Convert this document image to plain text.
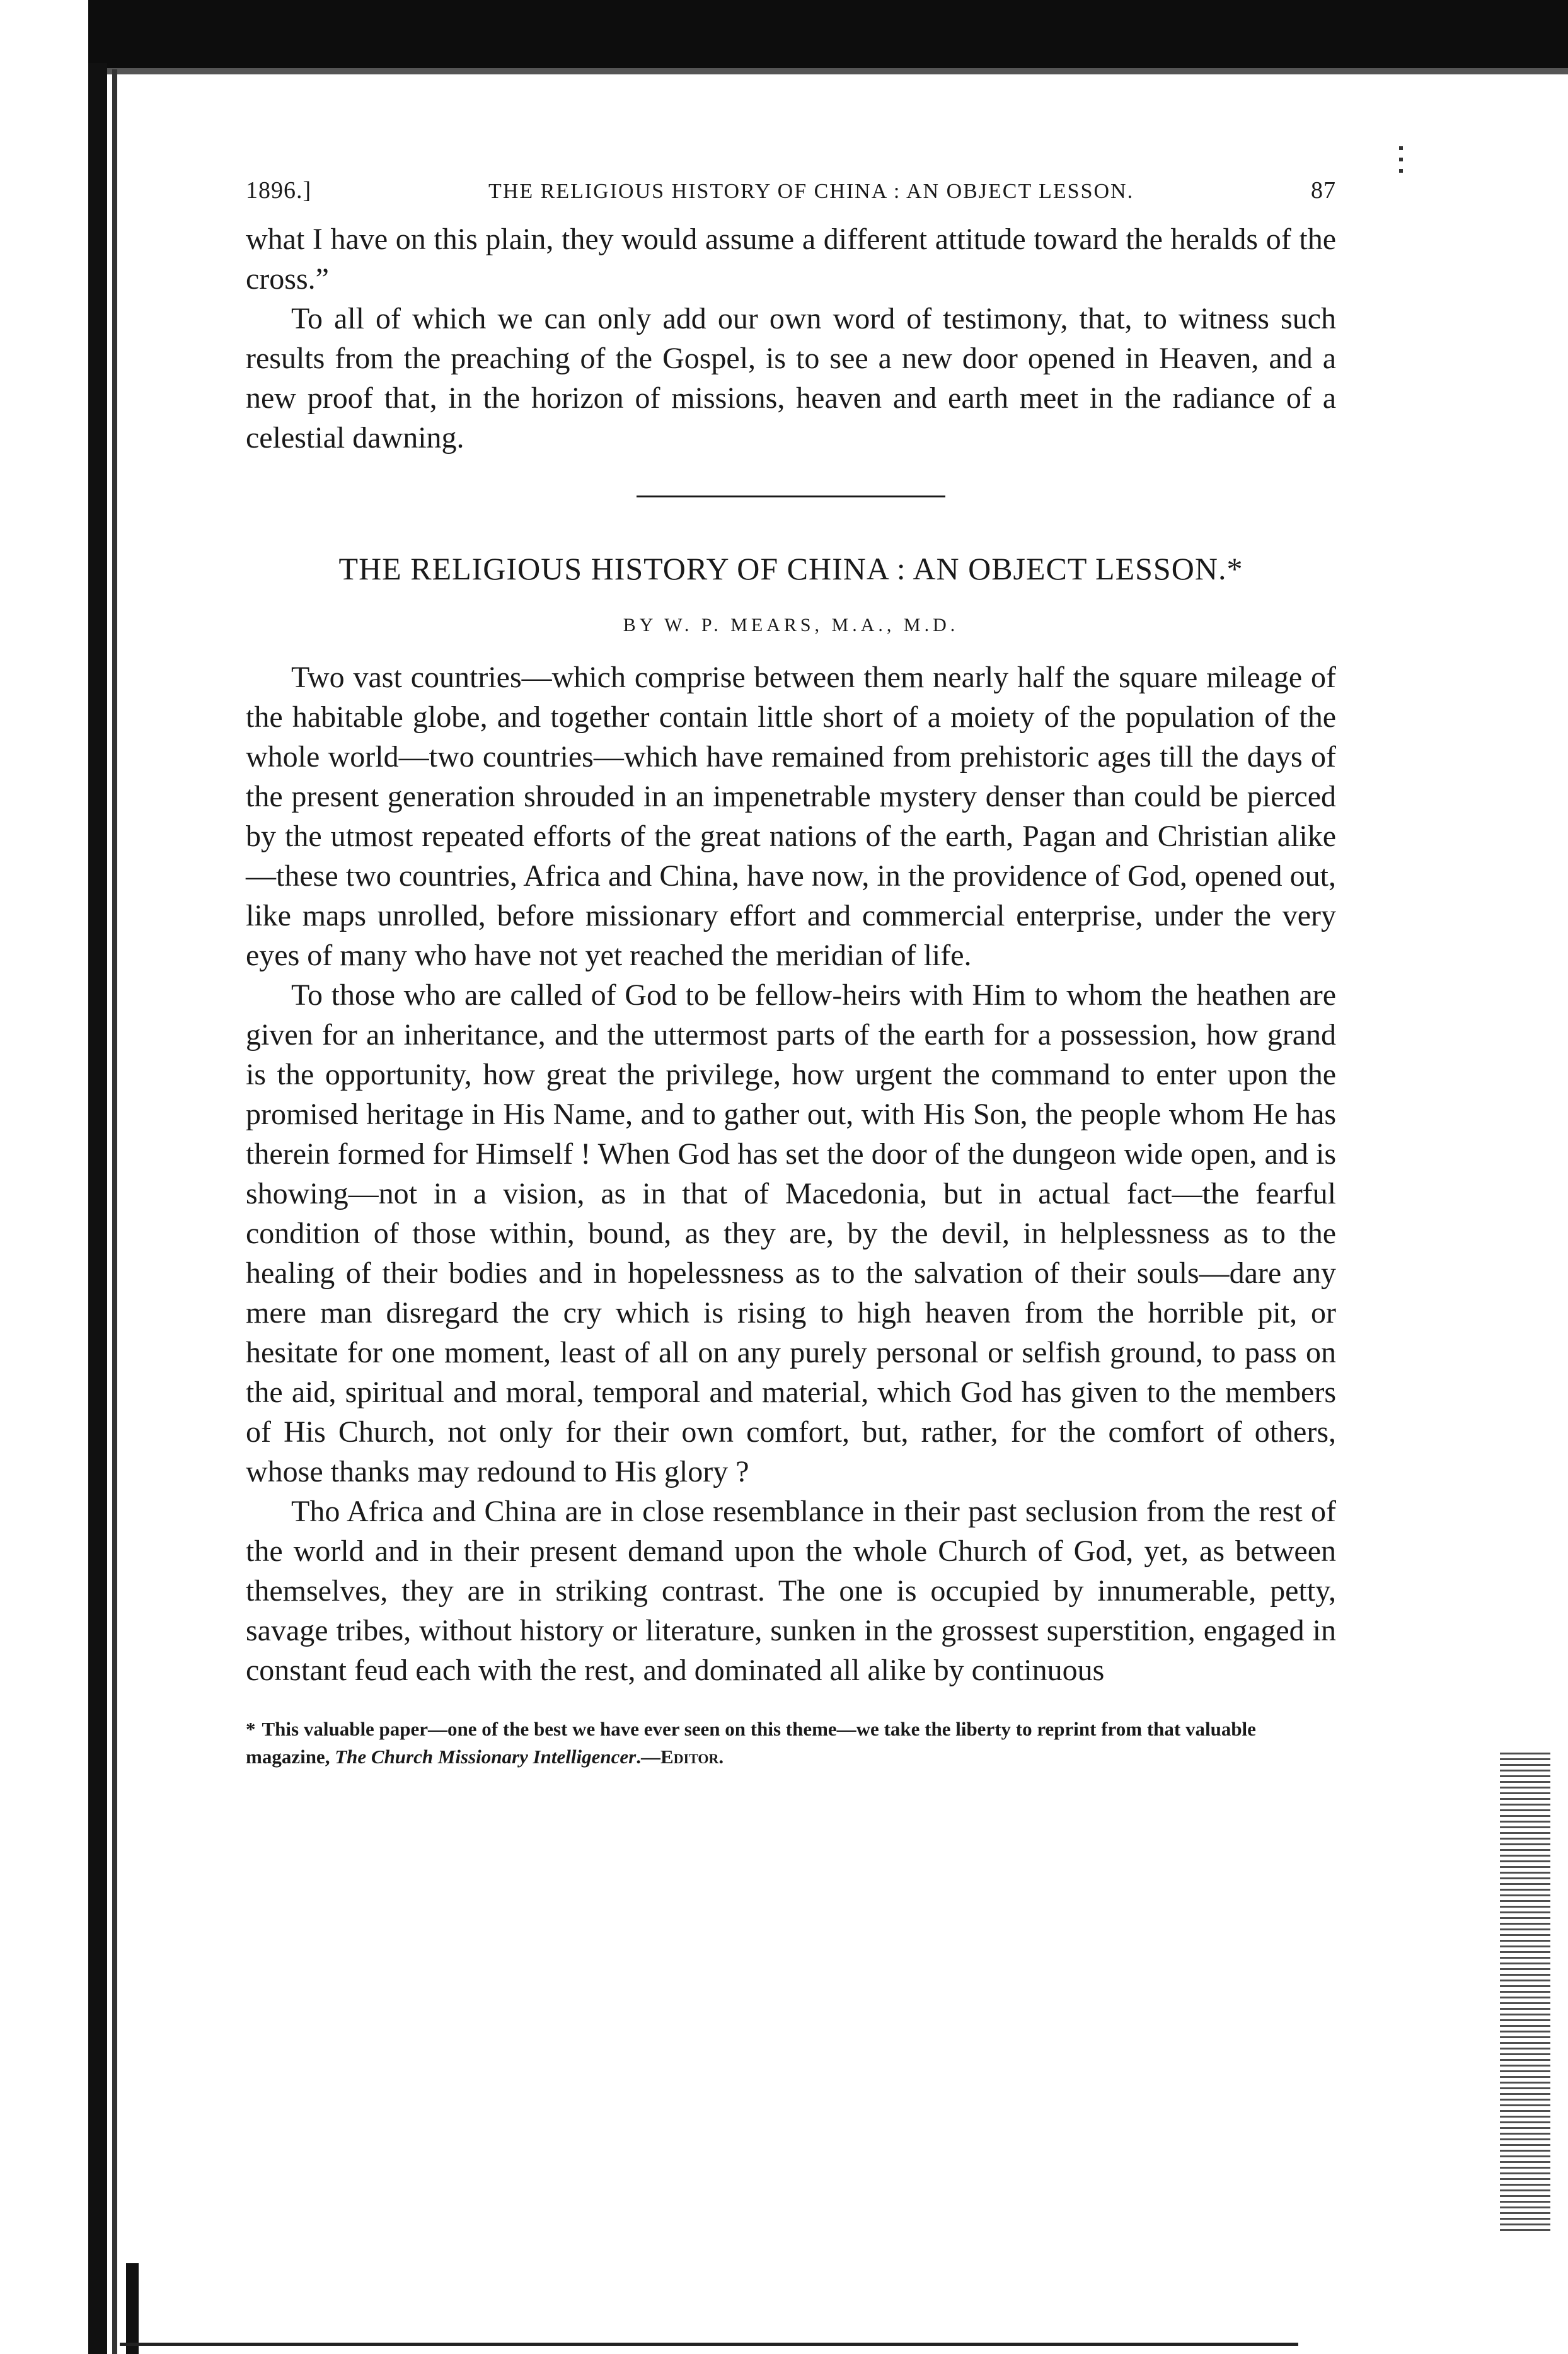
1896.]	THE RELIGIOUS HISTORY OF CHINA : AN OBJECT LESSON.	87

what I have on this plain, they would assume a different attitude toward the heralds of the cross.”

To all of which we can only add our own word of testimony, that, to witness such results from the preaching of the Gospel, is to see a new door opened in Heaven, and a new proof that, in the horizon of missions, heaven and earth meet in the radiance of a celestial dawning.

THE RELIGIOUS HISTORY OF CHINA : AN OBJECT LESSON.*
BY W. P. MEARS, M.A., M.D.

Two vast countries—which comprise between them nearly half the square mileage of the habitable globe, and together contain little short of a moiety of the population of the whole world—two countries—which have remained from prehistoric ages till the days of the present generation shrouded in an impenetrable mystery denser than could be pierced by the utmost repeated efforts of the great nations of the earth, Pagan and Christian alike—these two countries, Africa and China, have now, in the providence of God, opened out, like maps unrolled, before missionary effort and commercial enterprise, under the very eyes of many who have not yet reached the meridian of life.

To those who are called of God to be fellow-heirs with Him to whom the heathen are given for an inheritance, and the uttermost parts of the earth for a possession, how grand is the opportunity, how great the privilege, how urgent the command to enter upon the promised heritage in His Name, and to gather out, with His Son, the people whom He has therein formed for Himself ! When God has set the door of the dungeon wide open, and is showing—not in a vision, as in that of Macedonia, but in actual fact—the fearful condition of those within, bound, as they are, by the devil, in helplessness as to the healing of their bodies and in hopelessness as to the salvation of their souls—dare any mere man disregard the cry which is rising to high heaven from the horrible pit, or hesitate for one moment, least of all on any purely personal or selfish ground, to pass on the aid, spiritual and moral, temporal and material, which God has given to the members of His Church, not only for their own comfort, but, rather, for the comfort of others, whose thanks may redound to His glory ?

Tho Africa and China are in close resemblance in their past seclusion from the rest of the world and in their present demand upon the whole Church of God, yet, as between themselves, they are in striking contrast. The one is occupied by innumerable, petty, savage tribes, without history or literature, sunken in the grossest superstition, engaged in constant feud each with the rest, and dominated all alike by continuous

* This valuable paper—one of the best we have ever seen on this theme—we take the liberty to reprint from that valuable magazine, The Church Missionary Intelligencer.—Editor.
